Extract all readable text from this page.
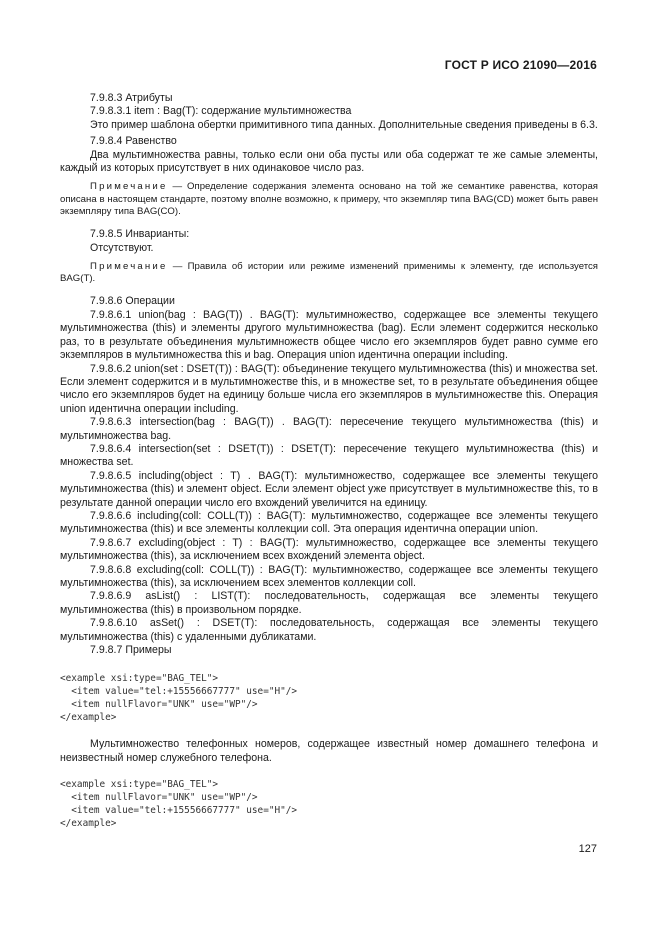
ГОСТ Р ИСО 21090—2016

7.9.8.3 Атрибуты

7.9.8.3.1 item : Bag(T): содержание мультимножества

Это пример шаблона обертки примитивного типа данных. Дополнительные сведения приведены в 6.3.

7.9.8.4 Равенство

Два мультимножества равны, только если они оба пусты или оба содержат те же самые элементы, каждый из которых присутствует в них одинаковое число раз.

Примечание — Определение содержания элемента основано на той же семантике равенства, которая описана в настоящем стандарте, поэтому вполне возможно, к примеру, что экземпляр типа BAG(CD) может быть равен экземпляру типа BAG(CO).

7.9.8.5 Инварианты:

Отсутствуют.

Примечание — Правила об истории или режиме изменений применимы к элементу, где используется BAG(T).

7.9.8.6 Операции

7.9.8.6.1 union(bag : BAG(T)) . BAG(T): мультимножество, содержащее все элементы текущего мультимножества (this) и элементы другого мультимножества (bag). Если элемент содержится несколько раз, то в результате объединения мультимножеств общее число его экземпляров будет равно сумме его экземпляров в мультимножества this и bag. Операция union идентична операции including.

7.9.8.6.2 union(set : DSET(T)) : BAG(T): объединение текущего мультимножества (this) и множества set. Если элемент содержится и в мультимножестве this, и в множестве set, то в результате объединения общее число его экземпляров будет на единицу больше числа его экземпляров в мультимножестве this. Операция union идентична операции including.

7.9.8.6.3 intersection(bag : BAG(T)) . BAG(T): пересечение текущего мультимножества (this) и мультимножества bag.

7.9.8.6.4 intersection(set : DSET(T)) : DSET(T): пересечение текущего мультимножества (this) и множества set.

7.9.8.6.5 including(object : T) . BAG(T): мультимножество, содержащее все элементы текущего мультимножества (this) и элемент object. Если элемент object уже присутствует в мультимножестве this, то в результате данной операции число его вхождений увеличится на единицу.

7.9.8.6.6 including(coll: COLL(T)) : BAG(T): мультимножество, содержащее все элементы текущего мультимножества (this) и все элементы коллекции coll. Эта операция идентична операции union.

7.9.8.6.7 excluding(object : T) : BAG(T): мультимножество, содержащее все элементы текущего мультимножества (this), за исключением всех вхождений элемента object.

7.9.8.6.8 excluding(coll: COLL(T)) : BAG(T): мультимножество, содержащее все элементы текущего мультимножества (this), за исключением всех элементов коллекции coll.

7.9.8.6.9 asList() : LIST(T): последовательность, содержащая все элементы текущего мультимножества (this) в произвольном порядке.

7.9.8.6.10 asSet() : DSET(T): последовательность, содержащая все элементы текущего мультимножества (this) с удаленными дубликатами.

7.9.8.7 Примеры

<example xsi:type="BAG_TEL">
<item value="tel:+15556667777" use="H"/>
<item nullFlavor="UNK" use="WP"/>
</example>

Мультимножество телефонных номеров, содержащее известный номер домашнего телефона и неизвестный номер служебного телефона.

<example xsi:type="BAG_TEL">
<item nullFlavor="UNK" use="WP"/>
<item value="tel:+15556667777" use="H"/>
</example>
127
